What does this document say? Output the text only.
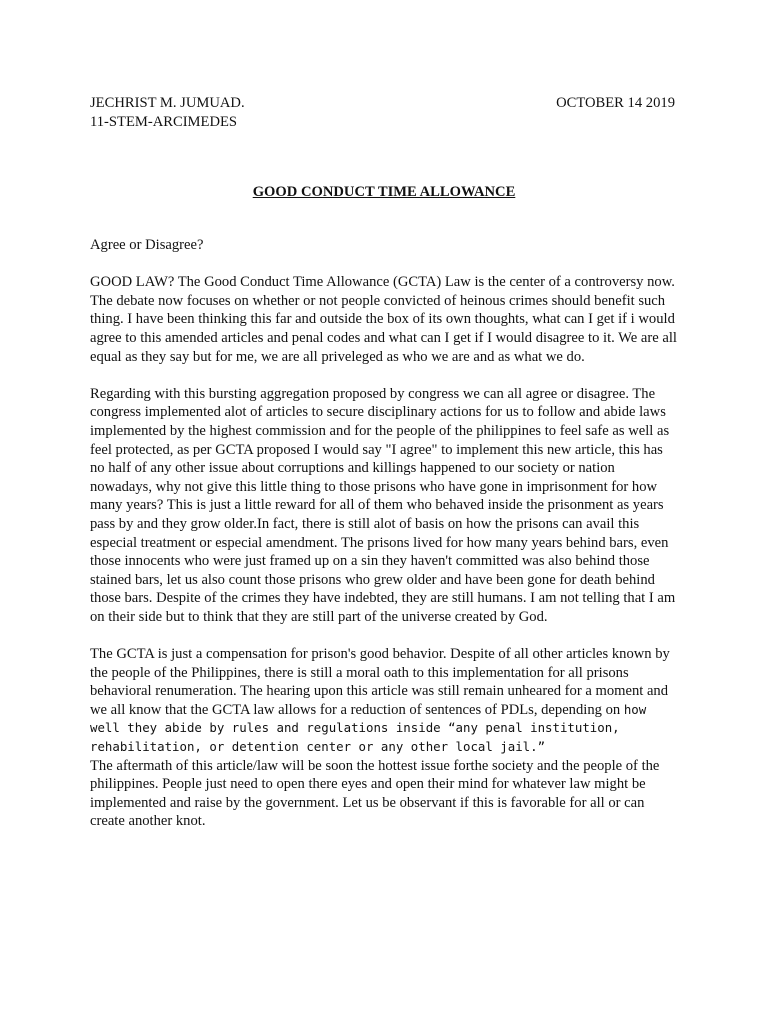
JECHRIST M. JUMUAD.
11-STEM-ARCIMEDES
OCTOBER 14 2019
GOOD CONDUCT TIME ALLOWANCE

Agree or Disagree?

GOOD LAW? The Good Conduct Time Allowance (GCTA) Law is the center of a controversy now. The debate now focuses on whether or not people convicted of heinous crimes should benefit such thing. I have been thinking this far and outside the box of its own thoughts, what can I get if i would agree to this amended articles and penal codes and what can I get if I would disagree to it. We are all equal as they say but for me, we are all priveleged as who we are and as what we do.

Regarding with this bursting aggregation proposed by congress we can all agree or disagree. The congress implemented alot of articles to secure disciplinary actions for us to follow and abide laws implemented by the highest commission and for the people of the philippines to feel safe as well as feel protected, as per GCTA proposed I would say "I agree" to implement this new article, this has no half of any other issue about corruptions and killings happened to our society or nation nowadays, why not give this little thing to those prisons who have gone in imprisonment for how many years? This is just a little reward for all of them who behaved inside the prisonment as years pass by and they grow older.In fact, there is still alot of basis on how the prisons can avail this especial treatment or especial amendment. The prisons lived for how many years behind bars, even those innocents who were just framed up on a sin they haven't committed was also behind those stained bars, let us also count those prisons who grew older and have been gone for death behind those bars. Despite of the crimes they have indebted, they are still humans. I am not telling that I am on their side but to think that they are still part of the universe created by God.

The GCTA is just a compensation for prison's good behavior. Despite of all other articles known by the people of the Philippines, there is still a moral oath to this implementation for all prisons behavioral renumeration. The hearing upon this article was still remain unheared for a moment and we all know that the GCTA law allows for a reduction of sentences of PDLs, depending on how well they abide by rules and regulations inside “any penal institution, rehabilitation, or detention center or any other local jail.”

The aftermath of this article/law will be soon the hottest issue forthe society and the people of the philippines. People just need to open there eyes and open their mind for whatever law might be implemented and raise by the government. Let us be observant if this is favorable for all or can create another knot.
